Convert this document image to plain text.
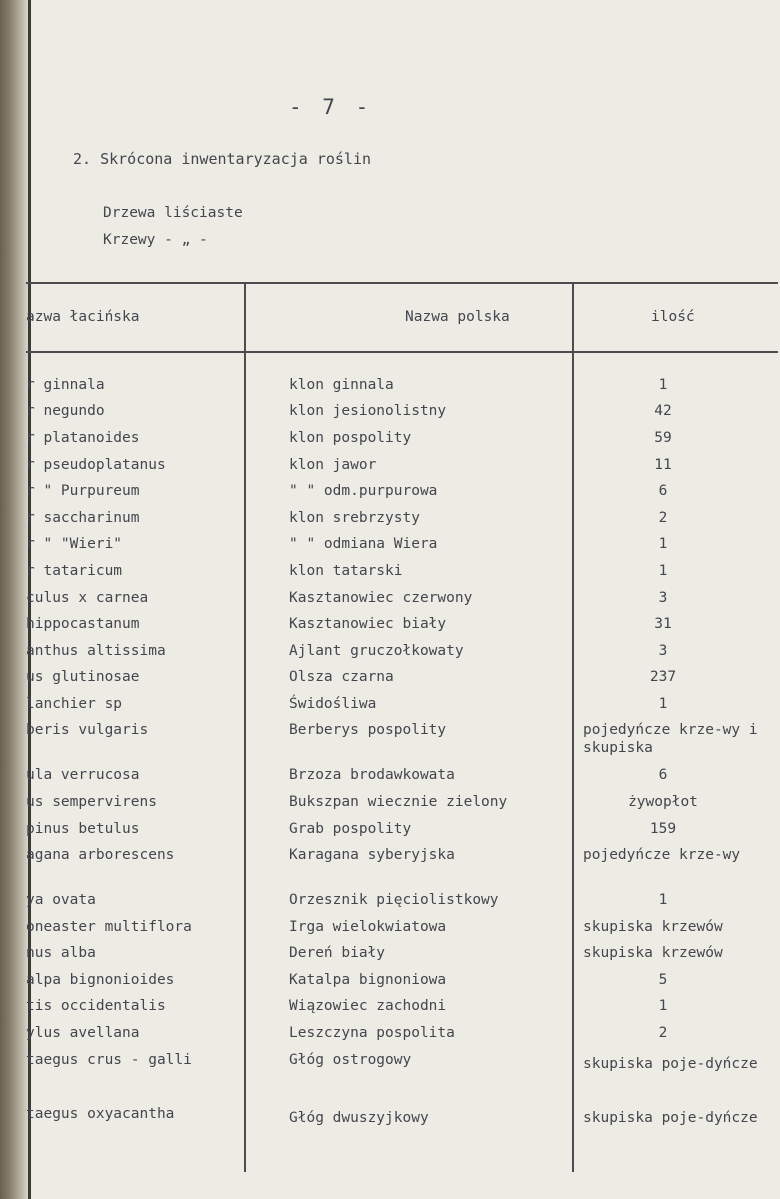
- 7 -
2. Skrócona inwentaryzacja roślin
Drzewa liściaste
Krzewy - „ -
azwa łacińska	Nazwa polska	ilość
r ginnala	klon ginnala	1
r negundo	klon jesionolistny	42
r platanoides	klon pospolity	59
r pseudoplatanus	klon jawor	11
r " Purpureum	" " odm.purpurowa	6
r saccharinum	klon srebrzysty	2
r " "Wieri"	" " odmiana Wiera	1
r tataricum	klon tatarski	1
culus x carnea	Kasztanowiec czerwony	3
hippocastanum	Kasztanowiec biały	31
anthus altissima	Ajlant gruczołkowaty	3
us glutinosae	Olsza czarna	237
lanchier sp	Świdośliwa	1
beris vulgaris	Berberys pospolity	pojedyńcze krze-wy i skupiska
ula verrucosa	Brzoza brodawkowata	6
us sempervirens	Bukszpan wiecznie zielony	żywopłot
pinus betulus	Grab pospolity	159
agana arborescens	Karagana syberyjska	pojedyńcze krze-wy
ya ovata	Orzesznik pięciolistkowy	1
oneaster multiflora	Irga wielokwiatowa	skupiska krzewów
nus alba	Dereń biały	skupiska krzewów
alpa bignonioides	Katalpa bignoniowa	5
tis occidentalis	Wiązowiec zachodni	1
ylus avellana	Leszczyna pospolita	2
taegus crus - galli	Głóg ostrogowy	skupiska poje-dyńcze
taegus oxyacantha	Głóg dwuszyjkowy	skupiska poje-dyńcze
